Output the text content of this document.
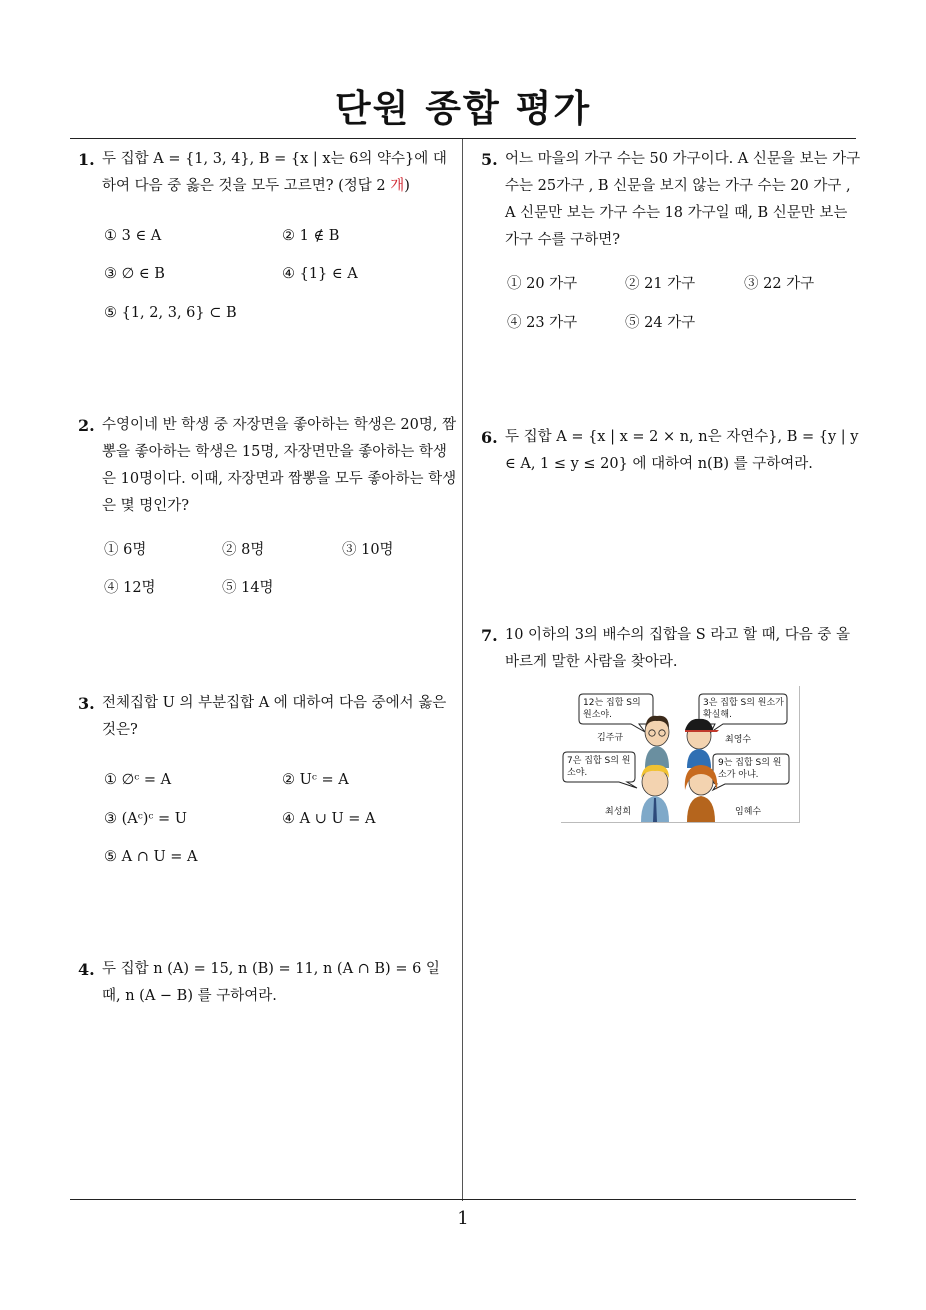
단원 종합 평가
1. 두 집합 A = {1, 3, 4}, B = {x | x는 6의 약수}에 대하여 다음 중 옳은 것을 모두 고르면? (정답 2 개)
① 3 ∈ A	② 1 ∉ B
③ ∅ ∈ B	④ {1} ∈ A
⑤ {1, 2, 3, 6} ⊂ B
2. 수영이네 반 학생 중 자장면을 좋아하는 학생은 20명, 짬뽕을 좋아하는 학생은 15명, 자장면만을 좋아하는 학생은 10명이다. 이때, 자장면과 짬뽕을 모두 좋아하는 학생은 몇 명인가?
① 6명	② 8명	③ 10명
④ 12명	⑤ 14명
3. 전체집합 U 의 부분집합 A 에 대하여 다음 중에서 옳은 것은?
① ∅ᶜ = A	② Uᶜ = A
③ (Aᶜ)ᶜ = U	④ A ∪ U = A
⑤ A ∩ U = A
4. 두 집합 n (A) = 15, n (B) = 11, n (A ∩ B) = 6 일 때, n (A − B) 를 구하여라.
5. 어느 마을의 가구 수는 50 가구이다. A 신문을 보는 가구 수는 25가구 , B 신문을 보지 않는 가구 수는 20 가구 , A 신문만 보는 가구 수는 18 가구일 때, B 신문만 보는 가구 수를 구하면?
① 20 가구	② 21 가구	③ 22 가구
④ 23 가구	⑤ 24 가구
6. 두 집합 A = {x | x = 2 × n, n은 자연수}, B = {y | y ∈ A, 1 ≤ y ≤ 20} 에 대하여 n(B) 를 구하여라.
7. 10 이하의 3의 배수의 집합을 S 라고 할 때, 다음 중 올바르게 말한 사람을 찾아라.
12는 집합 S의 원소야.
3은 집합 S의 원소가 확실해.
7은 집합 S의 원소야.
9는 집합 S의 원소가 아냐.
김주규	최영수
최성희	임혜수
1
